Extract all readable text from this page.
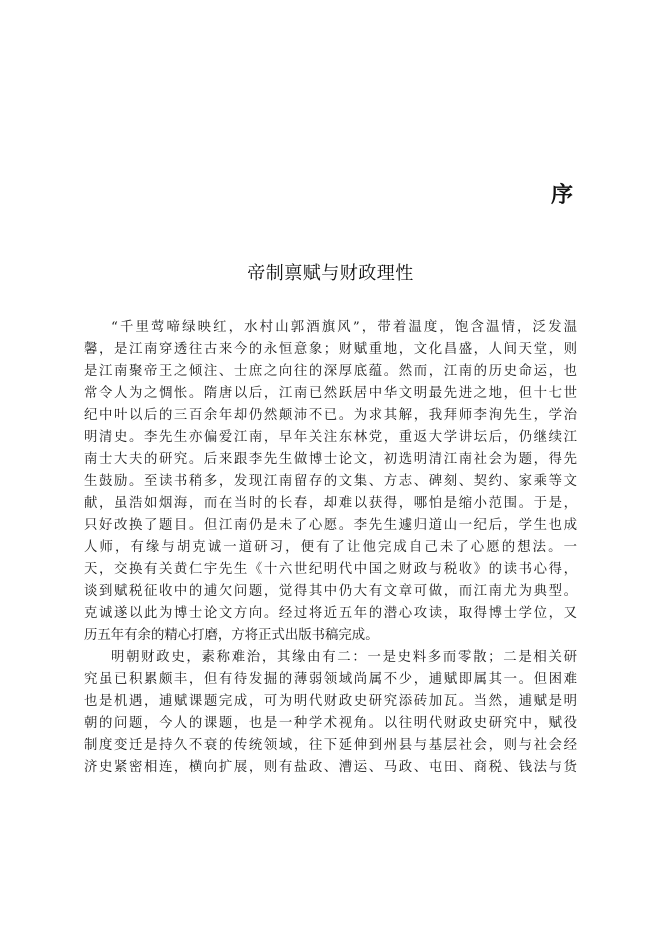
序
帝制禀赋与财政理性
“千里莺啼绿映红，水村山郭酒旗风”，带着温度，饱含温情，泛发温
馨，是江南穿透往古来今的永恒意象；财赋重地，文化昌盛，人间天堂，则
是江南聚帝王之倾注、士庶之向往的深厚底蕴。然而，江南的历史命运，也
常令人为之惆怅。隋唐以后，江南已然跃居中华文明最先进之地，但十七世
纪中叶以后的三百余年却仍然颠沛不已。为求其解，我拜师李洵先生，学治
明清史。李先生亦偏爱江南，早年关注东林党，重返大学讲坛后，仍继续江
南士大夫的研究。后来跟李先生做博士论文，初选明清江南社会为题，得先
生鼓励。至读书稍多，发现江南留存的文集、方志、碑刻、契约、家乘等文
献，虽浩如烟海，而在当时的长春，却难以获得，哪怕是缩小范围。于是，
只好改换了题目。但江南仍是未了心愿。李先生遽归道山一纪后，学生也成
人师，有缘与胡克诚一道研习，便有了让他完成自己未了心愿的想法。一
天，交换有关黄仁宇先生《十六世纪明代中国之财政与税收》的读书心得，
谈到赋税征收中的逋欠问题，觉得其中仍大有文章可做，而江南尤为典型。
克诚遂以此为博士论文方向。经过将近五年的潜心攻读，取得博士学位，又
历五年有余的精心打磨，方将正式出版书稿完成。
明朝财政史，素称难治，其缘由有二：一是史料多而零散；二是相关研
究虽已积累颇丰，但有待发掘的薄弱领域尚属不少，逋赋即属其一。但困难
也是机遇，逋赋课题完成，可为明代财政史研究添砖加瓦。当然，逋赋是明
朝的问题，今人的课题，也是一种学术视角。以往明代财政史研究中，赋役
制度变迁是持久不衰的传统领域，往下延伸到州县与基层社会，则与社会经
济史紧密相连，横向扩展，则有盐政、漕运、马政、屯田、商税、钱法与货
